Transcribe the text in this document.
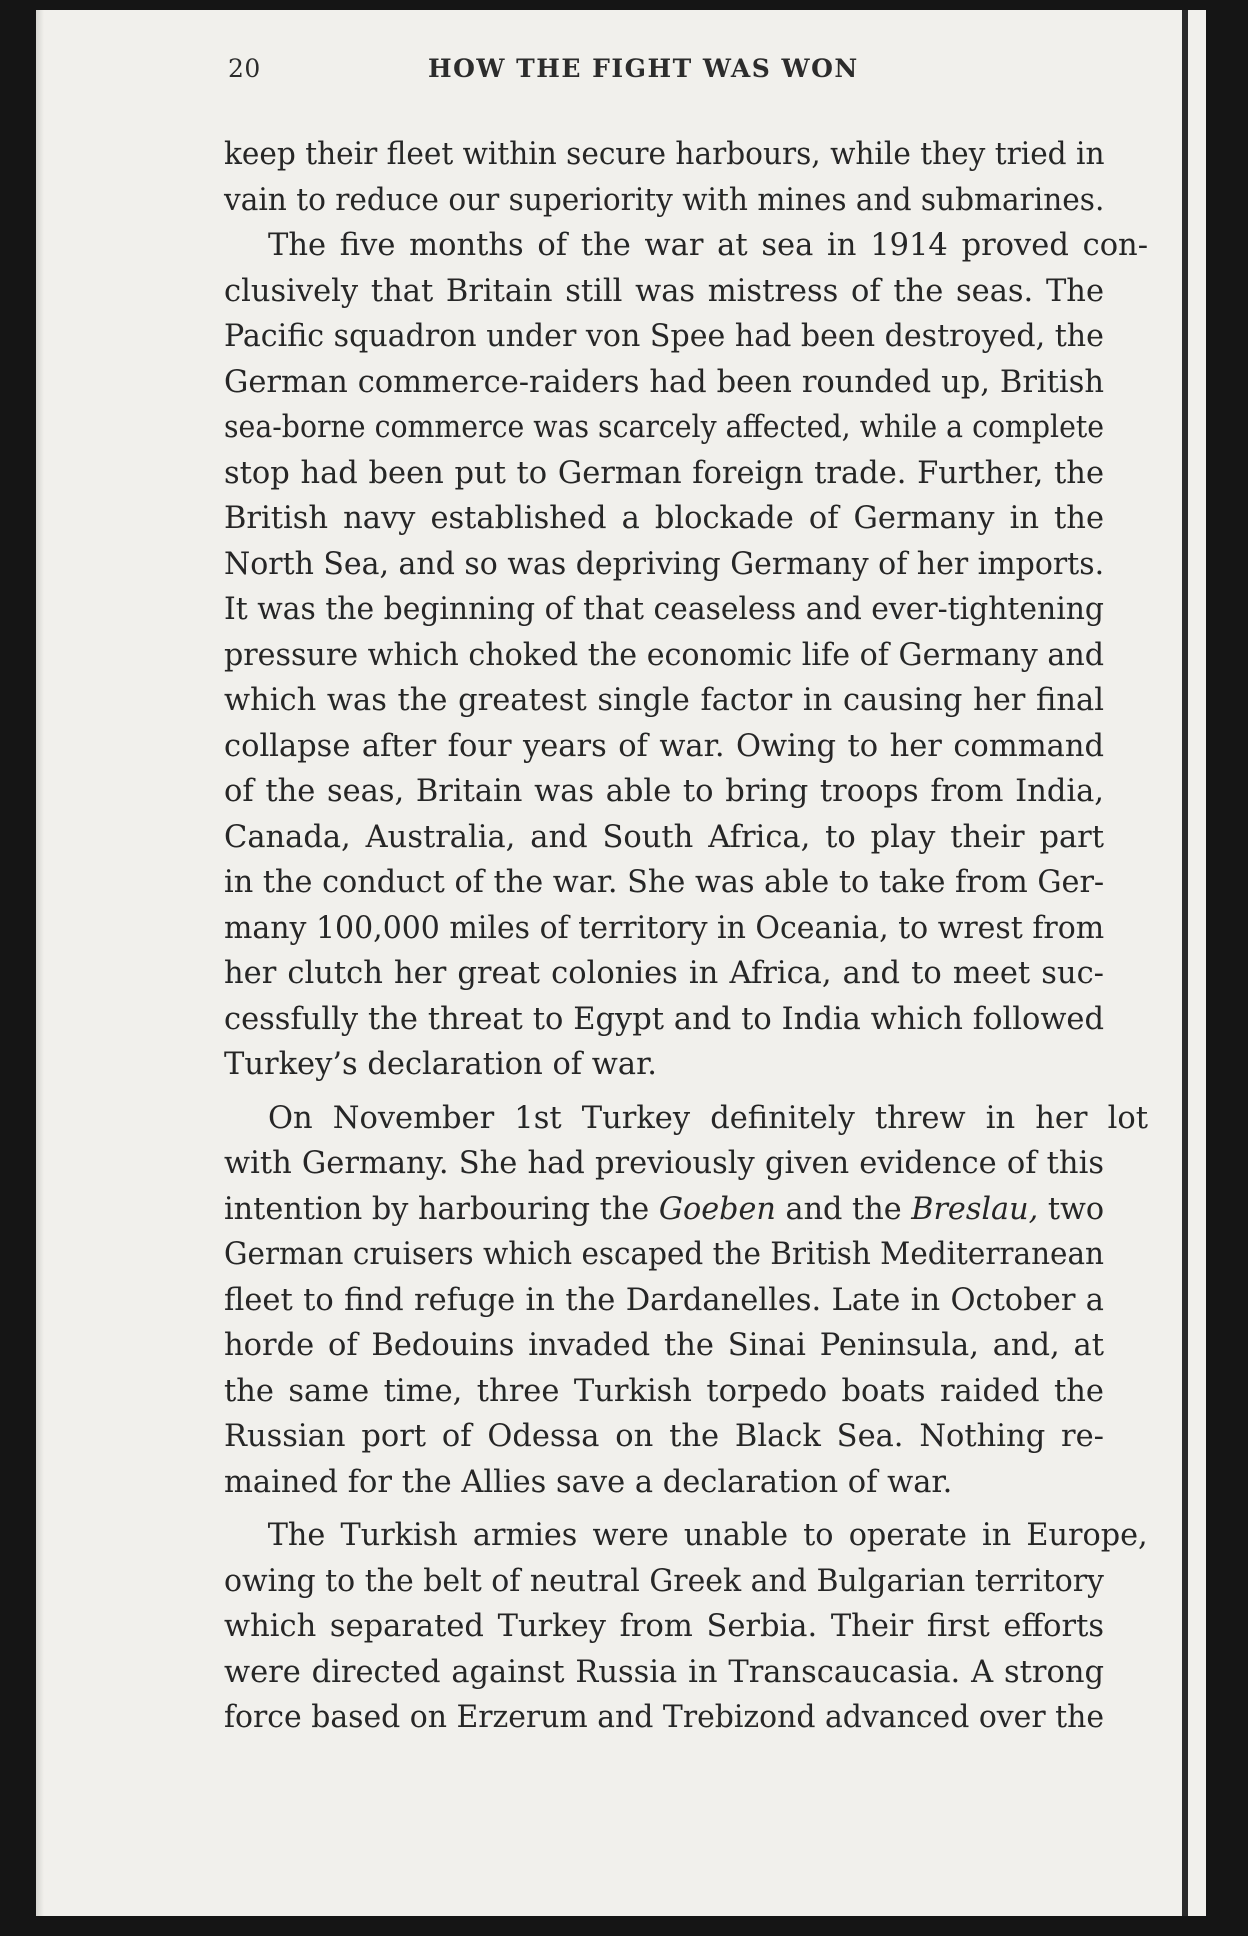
20	HOW THE FIGHT WAS WON
keep their fleet within secure harbours, while they tried in
vain to reduce our superiority with mines and submarines.
The five months of the war at sea in 1914 proved con-
clusively that Britain still was mistress of the seas. The
Pacific squadron under von Spee had been destroyed, the
German commerce-raiders had been rounded up, British
sea-borne commerce was scarcely affected, while a complete
stop had been put to German foreign trade. Further, the
British navy established a blockade of Germany in the
North Sea, and so was depriving Germany of her imports.
It was the beginning of that ceaseless and ever-tightening
pressure which choked the economic life of Germany and
which was the greatest single factor in causing her final
collapse after four years of war. Owing to her command
of the seas, Britain was able to bring troops from India,
Canada, Australia, and South Africa, to play their part
in the conduct of the war. She was able to take from Ger-
many 100,000 miles of territory in Oceania, to wrest from
her clutch her great colonies in Africa, and to meet suc-
cessfully the threat to Egypt and to India which followed
Turkey’s declaration of war.
On November 1st Turkey definitely threw in her lot
with Germany. She had previously given evidence of this
intention by harbouring the Goeben and the Breslau, two
German cruisers which escaped the British Mediterranean
fleet to find refuge in the Dardanelles. Late in October a
horde of Bedouins invaded the Sinai Peninsula, and, at
the same time, three Turkish torpedo boats raided the
Russian port of Odessa on the Black Sea. Nothing re-
mained for the Allies save a declaration of war.
The Turkish armies were unable to operate in Europe,
owing to the belt of neutral Greek and Bulgarian territory
which separated Turkey from Serbia. Their first efforts
were directed against Russia in Transcaucasia. A strong
force based on Erzerum and Trebizond advanced over the
